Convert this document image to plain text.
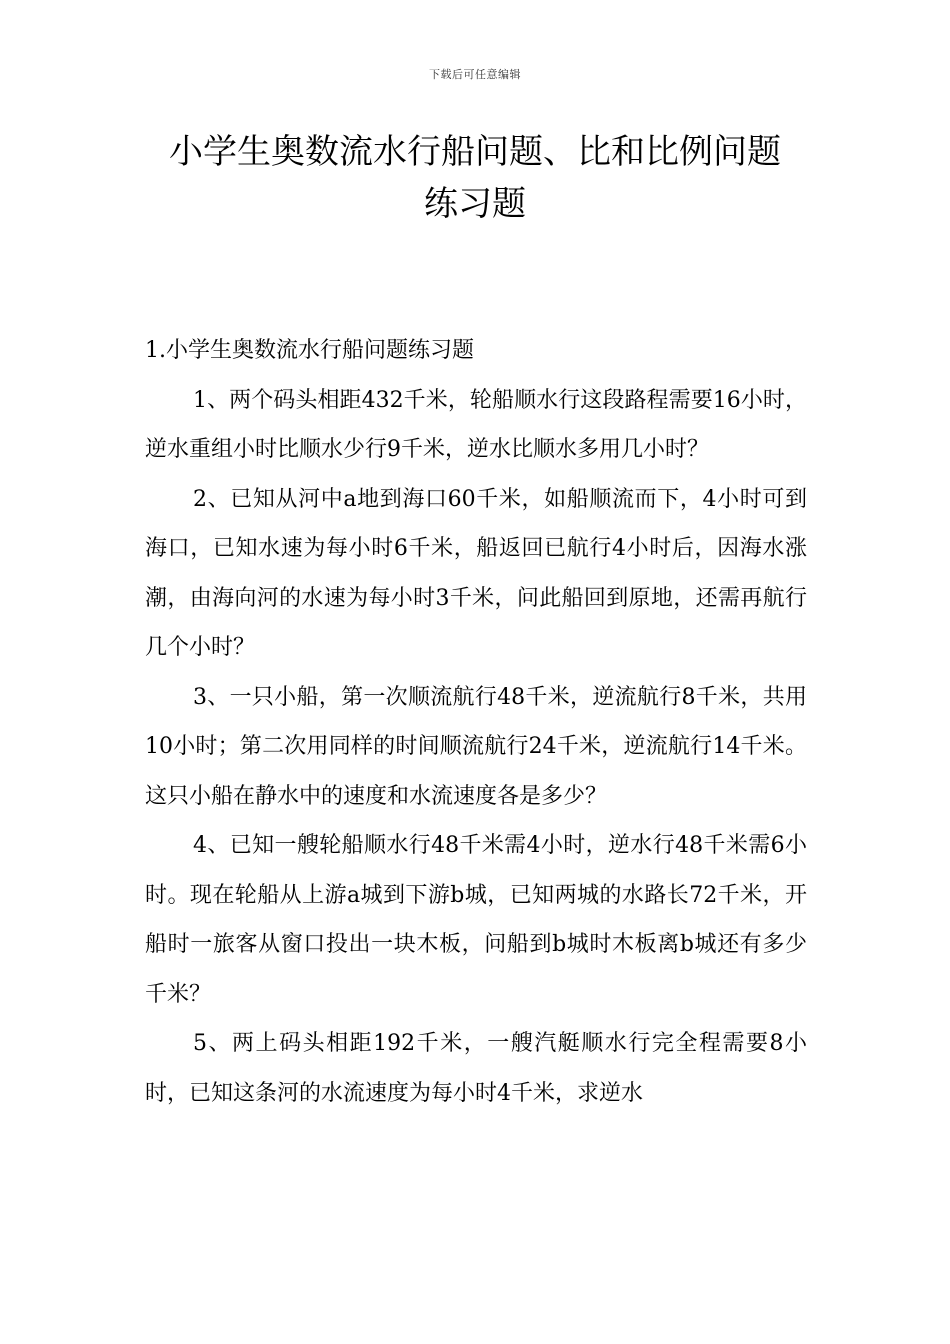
下载后可任意编辑
小学生奥数流水行船问题、比和比例问题
练习题
1.小学生奥数流水行船问题练习题

1、两个码头相距432千米，轮船顺水行这段路程需要16小时，逆水重组小时比顺水少行9千米，逆水比顺水多用几小时？

2、已知从河中a地到海口60千米，如船顺流而下，4小时可到海口，已知水速为每小时6千米，船返回已航行4小时后，因海水涨潮，由海向河的水速为每小时3千米，问此船回到原地，还需再航行几个小时？

3、一只小船，第一次顺流航行48千米，逆流航行8千米，共用10小时；第二次用同样的时间顺流航行24千米，逆流航行14千米。这只小船在静水中的速度和水流速度各是多少？

4、已知一艘轮船顺水行48千米需4小时，逆水行48千米需6小时。现在轮船从上游a城到下游b城，已知两城的水路长72千米，开船时一旅客从窗口投出一块木板，问船到b城时木板离b城还有多少千米？

5、两上码头相距192千米，一艘汽艇顺水行完全程需要8小时，已知这条河的水流速度为每小时4千米，求逆水
